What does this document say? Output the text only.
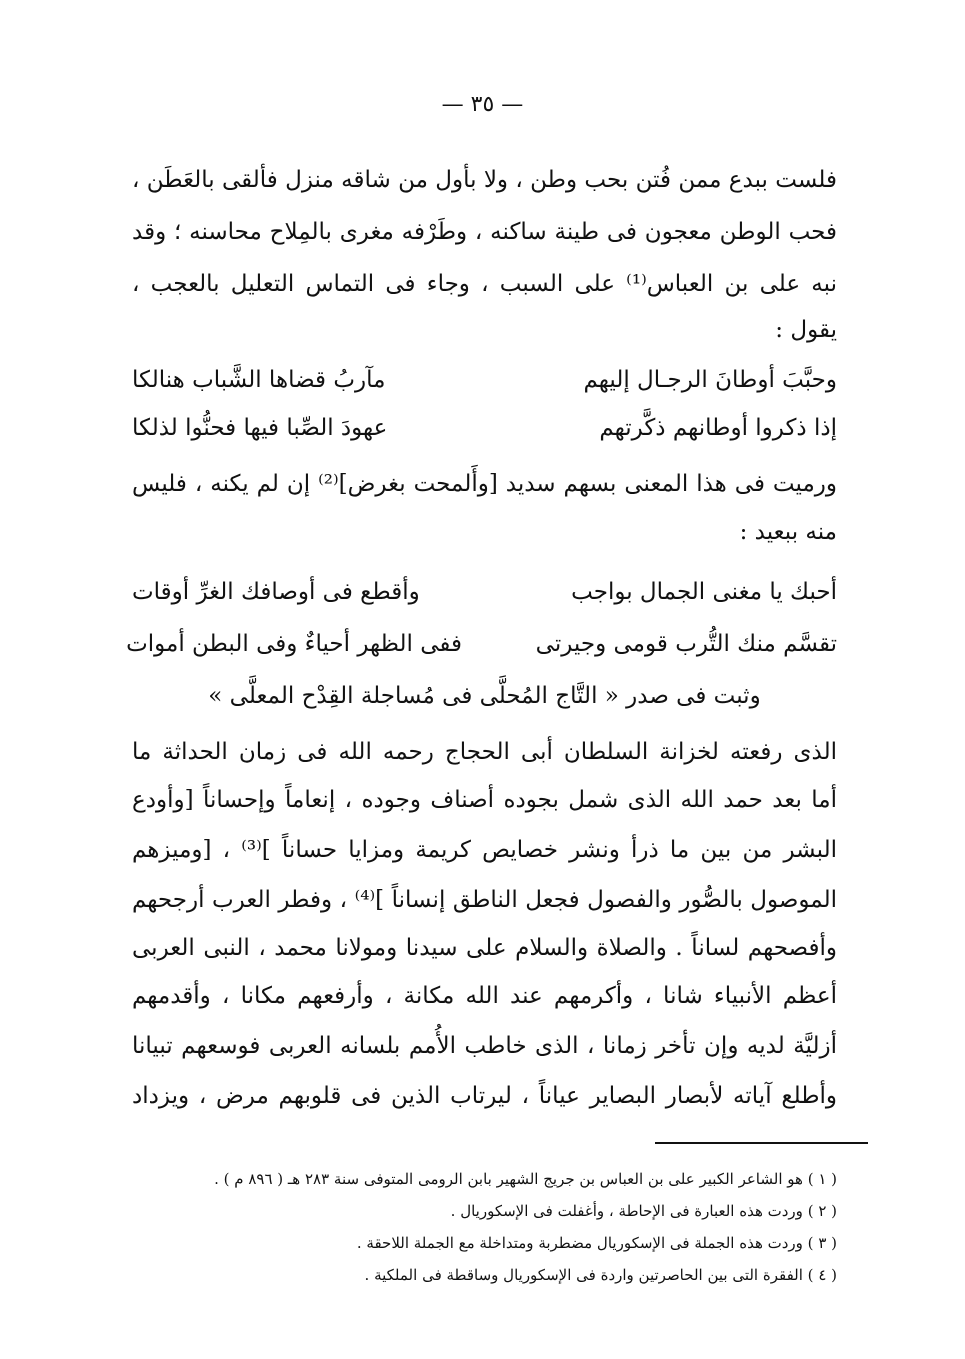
— ٣٥ —
فلست ببدع ممن فُتن بحب وطن ، ولا بأول من شاقه منزل فألقى بالعَطَن ،
فحب الوطن معجون فى طينة ساكنه ، وطَرْفه مغرى بالمِلاح محاسنه ؛ وقد
نبه على بن العباس⁽¹⁾ على السبب ، وجاء فى التماس التعليل بالعجب ،
يقول :
وحبَّبَ أوطانَ الرجـال إليهم
مآربُ قضاها الشَّباب هنالكا
إذا ذكروا أوطانهم ذكَّرتهم
عهودَ الصِّبا فيها فحنُّوا لذلكا
ورميت فى هذا المعنى بسهم سديد [وأَلمحت بغرض]⁽²⁾ إن لم يكنه ، فليس
منه ببعيد :
أحبك يا مغنى الجمال بواجب
وأقطع فى أوصافك الغرِّ أوقات
تقسَّم منك التُّرب قومى وجيرتى
ففى الظهر أحياءٌ وفى البطن أموات
وثبت فى صدر « التَّاج المُحلَّى فى مُساجلة القِدْح المعلَّى »
الذى رفعته لخزانة السلطان أبى الحجاج رحمه الله فى زمان الحداثة ما
أما بعد حمد الله الذى شمل بجوده أصناف وجوده ، إنعاماً وإحساناً [وأودع
البشر من بين ما ذرأ ونشر خصايص كريمة ومزايا حساناً ]⁽³⁾ ، [وميزهم
الموصول بالصُّور والفصول فجعل الناطق إنساناً ]⁽⁴⁾ ، وفطر العرب أرجحهم
وأفصحهم لساناً . والصلاة والسلام على سيدنا ومولانا محمد ، النبى العربى
أعظم الأنبياء شانا ، وأكرمهم عند الله مكانة ، وأرفعهم مكانا ، وأقدمهم
أزليَّة لديه وإن تأخر زمانا ، الذى خاطب الأُمم بلسانه العربى فوسعهم تبيانا
وأطلع آياته لأبصار البصاير عياناً ، ليرتاب الذين فى قلوبهم مرض ، ويزداد
( ١ ) هو الشاعر الكبير على بن العباس بن جريج الشهير بابن الرومى المتوفى سنة ٢٨٣ هـ ( ٨٩٦ م ) .
( ٢ ) وردت هذه العبارة فى الإحاطة ، وأغفلت فى الإسكوريال .
( ٣ ) وردت هذه الجملة فى الإسكوريال مضطربة ومتداخلة مع الجملة اللاحقة .
( ٤ ) الفقرة التى بين الحاصرتين واردة فى الإسكوريال وساقطة فى الملكية .
